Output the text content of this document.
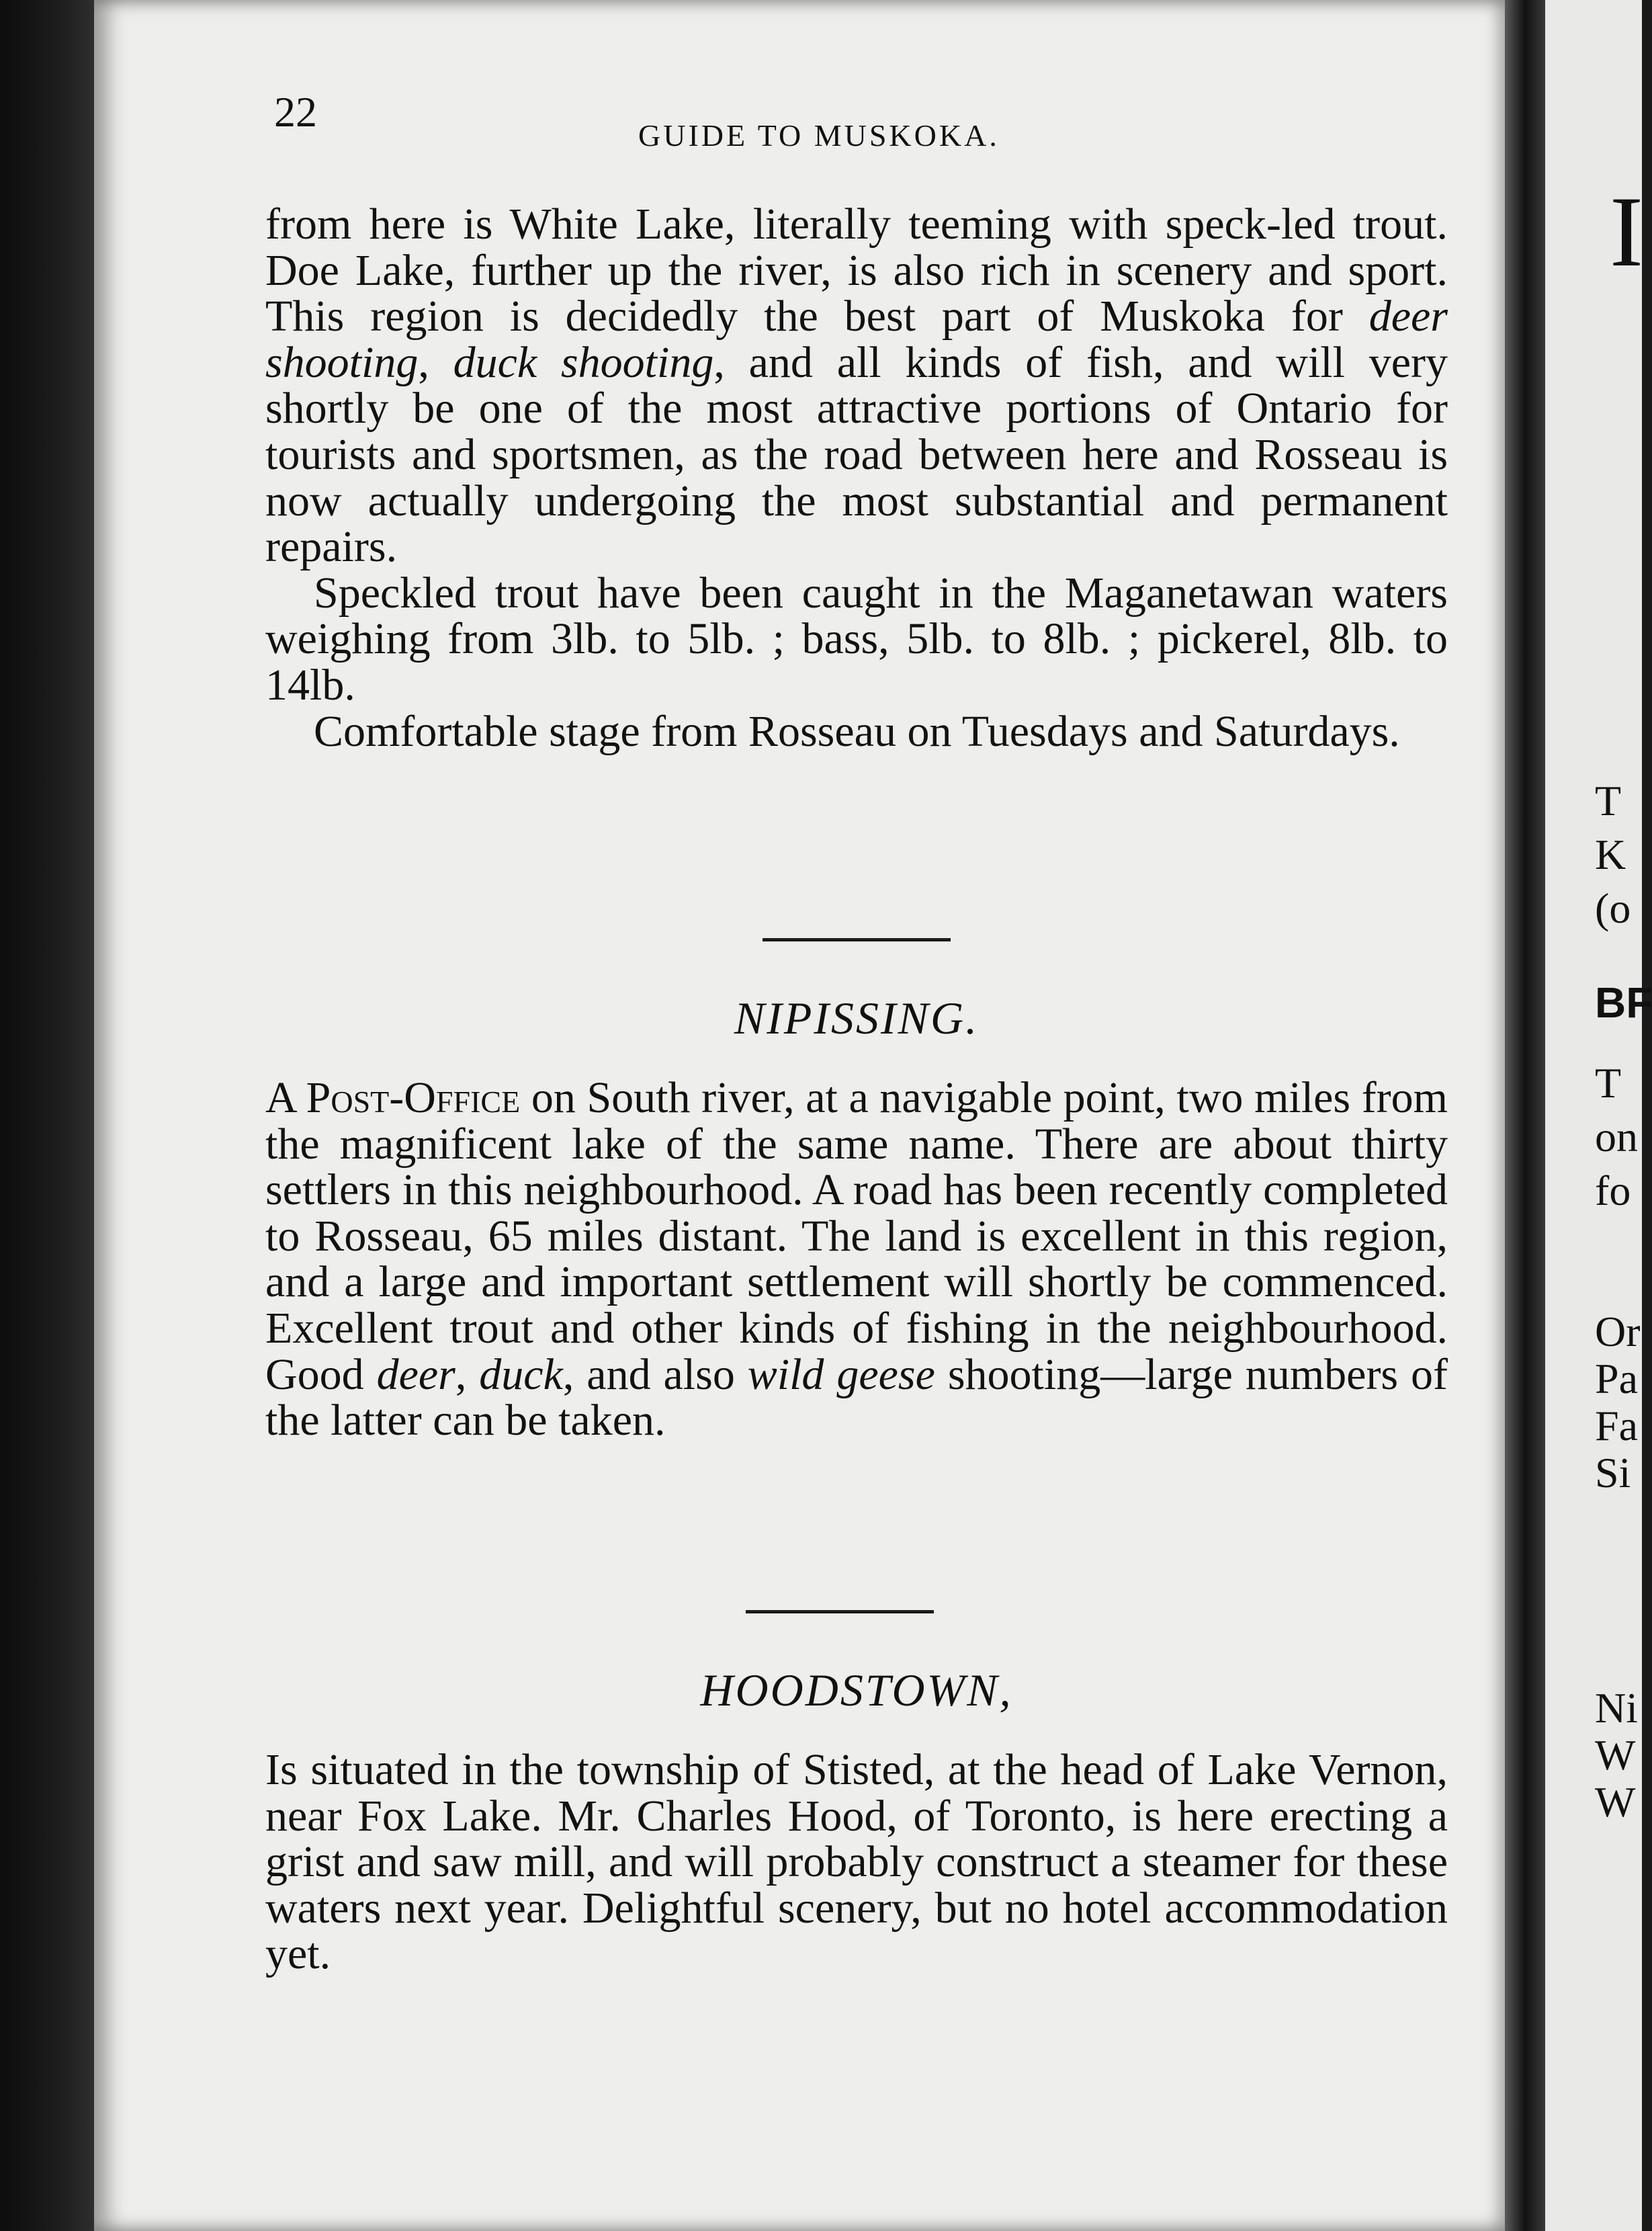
22	GUIDE TO MUSKOKA.

from here is White Lake, literally teeming with speck-led trout. Doe Lake, further up the river, is also rich in scenery and sport. This region is decidedly the best part of Muskoka for deer shooting, duck shooting, and all kinds of fish, and will very shortly be one of the most attractive portions of Ontario for tourists and sportsmen, as the road between here and Rosseau is now actually undergoing the most substantial and permanent repairs.

Speckled trout have been caught in the Maganetawan waters weighing from 3lb. to 5lb. ; bass, 5lb. to 8lb. ; pickerel, 8lb. to 14lb.

Comfortable stage from Rosseau on Tuesdays and Saturdays.

NIPISSING.

A Post-Office on South river, at a navigable point, two miles from the magnificent lake of the same name. There are about thirty settlers in this neighbourhood. A road has been recently completed to Rosseau, 65 miles distant. The land is excellent in this region, and a large and important settlement will shortly be commenced. Excellent trout and other kinds of fishing in the neighbourhood. Good deer, duck, and also wild geese shooting—large numbers of the latter can be taken.

HOODSTOWN,

Is situated in the township of Stisted, at the head of Lake Vernon, near Fox Lake. Mr. Charles Hood, of Toronto, is here erecting a grist and saw mill, and will probably construct a steamer for these waters next year. Delightful scenery, but no hotel accommodation yet.

I
T
K
(o
BF
T
on
fo
Or
Pa
Fa
Si
Ni
W
W
